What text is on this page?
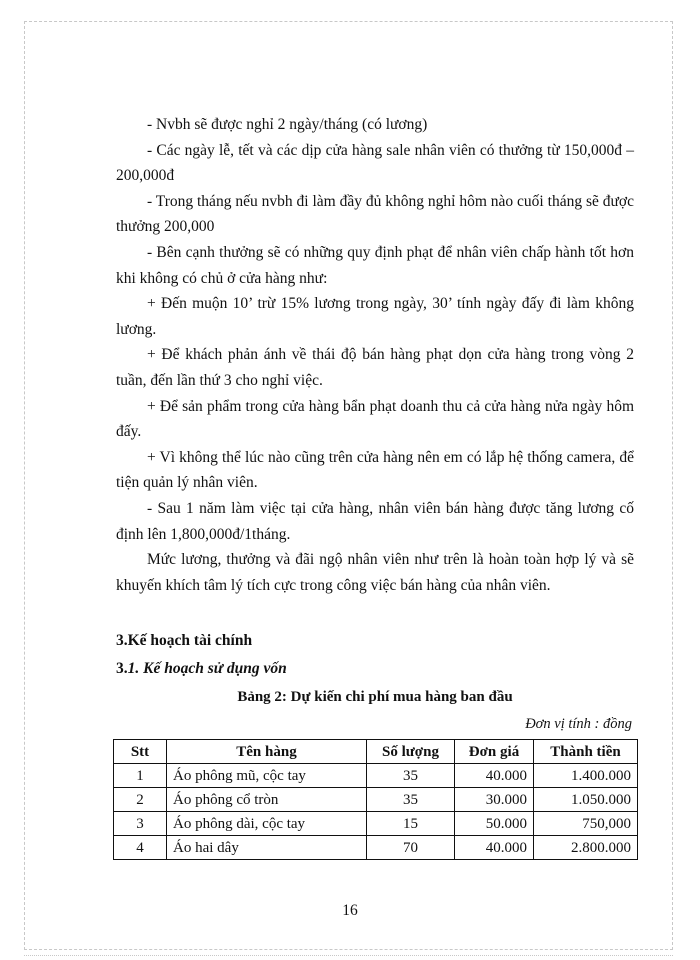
- Nvbh sẽ được nghỉ 2 ngày/tháng (có lương)

- Các ngày lễ, tết và các dịp cửa hàng sale nhân viên có thưởng từ 150,000đ – 200,000đ

- Trong tháng nếu nvbh đi làm đầy đủ không nghỉ hôm nào cuối tháng sẽ được thưởng 200,000

- Bên cạnh thưởng sẽ có những quy định phạt để nhân viên chấp hành tốt hơn khi không có chủ ở cửa hàng như:

+ Đến muộn 10’ trừ 15% lương trong ngày, 30’ tính ngày đấy đi làm không lương.

+ Để khách phản ánh về thái độ bán hàng phạt dọn cửa hàng trong vòng 2 tuần, đến lần thứ 3 cho nghỉ việc.

+ Để sản phẩm trong cửa hàng bẩn phạt doanh thu cả cửa hàng nửa ngày hôm đấy.

+ Vì không thể lúc nào cũng trên cửa hàng nên em có lắp hệ thống camera, để tiện quản lý nhân viên.

- Sau 1 năm làm việc tại cửa hàng, nhân viên bán hàng được tăng lương cố định lên 1,800,000đ/1tháng.

Mức lương, thưởng và đãi ngộ nhân viên như trên là hoàn toàn hợp lý và sẽ khuyến khích tâm lý tích cực trong công việc bán hàng của nhân viên.

3.Kế hoạch tài chính
3.1. Kế hoạch sử dụng vốn
Bảng 2: Dự kiến chi phí mua hàng ban đầu
Đơn vị tính : đồng
Stt	Tên hàng	Số lượng	Đơn giá	Thành tiền
1	Áo phông mũ, cộc tay	35	40.000	1.400.000
2	Áo phông cổ tròn	35	30.000	1.050.000
3	Áo phông dài, cộc tay	15	50.000	750,000
4	Áo hai dây	70	40.000	2.800.000
16
